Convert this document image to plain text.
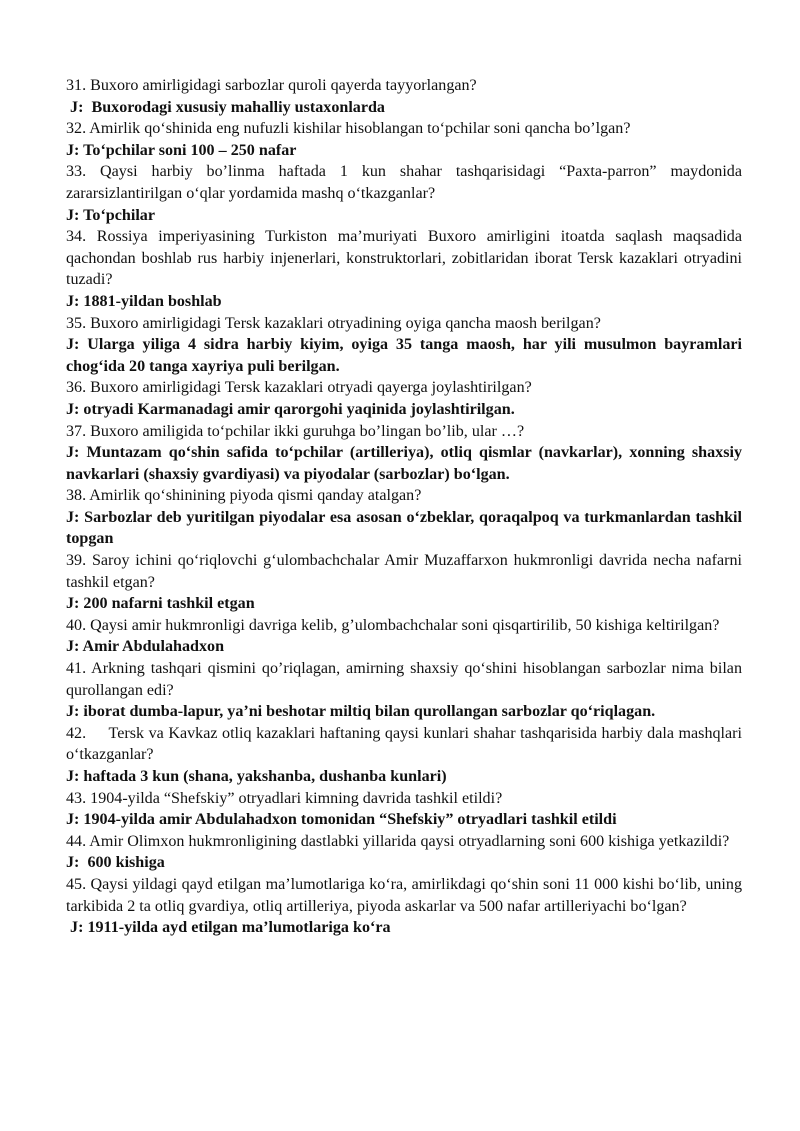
31. Buxoro amirligidagi sarbozlar quroli qayerda tayyorlangan?

J:  Buxorodagi xususiy mahalliy ustaxonlarda

32. Amirlik qo‘shinida eng nufuzli kishilar hisoblangan to‘pchilar soni qancha bo’lgan?

J: To‘pchilar soni 100 – 250 nafar

33. Qaysi harbiy bo’linma haftada 1 kun shahar tashqarisidagi “Paxta-parron” maydonida zararsizlantirilgan o‘qlar yordamida mashq o‘tkazganlar?

J: To‘pchilar

34. Rossiya imperiyasining Turkiston ma’muriyati Buxoro amirligini itoatda saqlash maqsadida qachondan boshlab rus harbiy injenerlari, konstruktorlari, zobitlaridan iborat Tersk kazaklari otryadini tuzadi?

J: 1881-yildan boshlab

35. Buxoro amirligidagi Tersk kazaklari otryadining oyiga qancha maosh berilgan?

J: Ularga yiliga 4 sidra harbiy kiyim, oyiga 35 tanga maosh, har yili musulmon bayramlari chog‘ida 20 tanga xayriya puli berilgan.

36. Buxoro amirligidagi Tersk kazaklari otryadi qayerga joylashtirilgan?

J: otryadi Karmanadagi amir qarorgohi yaqinida joylashtirilgan.

37. Buxoro amiligida to‘pchilar ikki guruhga bo’lingan bo’lib, ular …?

J: Muntazam qo‘shin safida to‘pchilar (artilleriya), otliq qismlar (navkarlar), xonning shaxsiy navkarlari (shaxsiy gvardiyasi) va piyodalar (sarbozlar) bo‘lgan.

38. Amirlik qo‘shinining piyoda qismi qanday atalgan?

J: Sarbozlar deb yuritilgan piyodalar esa asosan o‘zbeklar, qoraqalpoq va turkmanlardan tashkil topgan

39. Saroy ichini qo‘riqlovchi g‘ulombachchalar Amir Muzaffarxon hukmronligi davrida necha nafarni tashkil etgan?

J: 200 nafarni tashkil etgan

40. Qaysi amir hukmronligi davriga kelib, g’ulombachchalar soni qisqartirilib, 50 kishiga keltirilgan?

J: Amir Abdulahadxon

41. Arkning tashqari qismini qo’riqlagan, amirning shaxsiy qo‘shini hisoblangan sarbozlar nima bilan qurollangan edi?

J: iborat dumba-lapur, ya’ni beshotar miltiq bilan qurollangan sarbozlar qo‘riqlagan.

42.     Tersk va Kavkaz otliq kazaklari haftaning qaysi kunlari shahar tashqarisida harbiy dala mashqlari o‘tkazganlar?

J: haftada 3 kun (shana, yakshanba, dushanba kunlari)

43. 1904-yilda “Shefskiy” otryadlari kimning davrida tashkil etildi?

J: 1904-yilda amir Abdulahadxon tomonidan “Shefskiy” otryadlari tashkil etildi

44. Amir Olimxon hukmronligining dastlabki yillarida qaysi otryadlarning soni 600 kishiga yetkazildi?

J:  600 kishiga

45. Qaysi yildagi qayd etilgan ma’lumotlariga ko‘ra, amirlikdagi qo‘shin soni 11 000 kishi bo‘lib, uning tarkibida 2 ta otliq gvardiya, otliq artilleriya, piyoda askarlar va 500 nafar artilleriyachi bo‘lgan?

J: 1911-yilda ayd etilgan ma’lumotlariga ko‘ra
